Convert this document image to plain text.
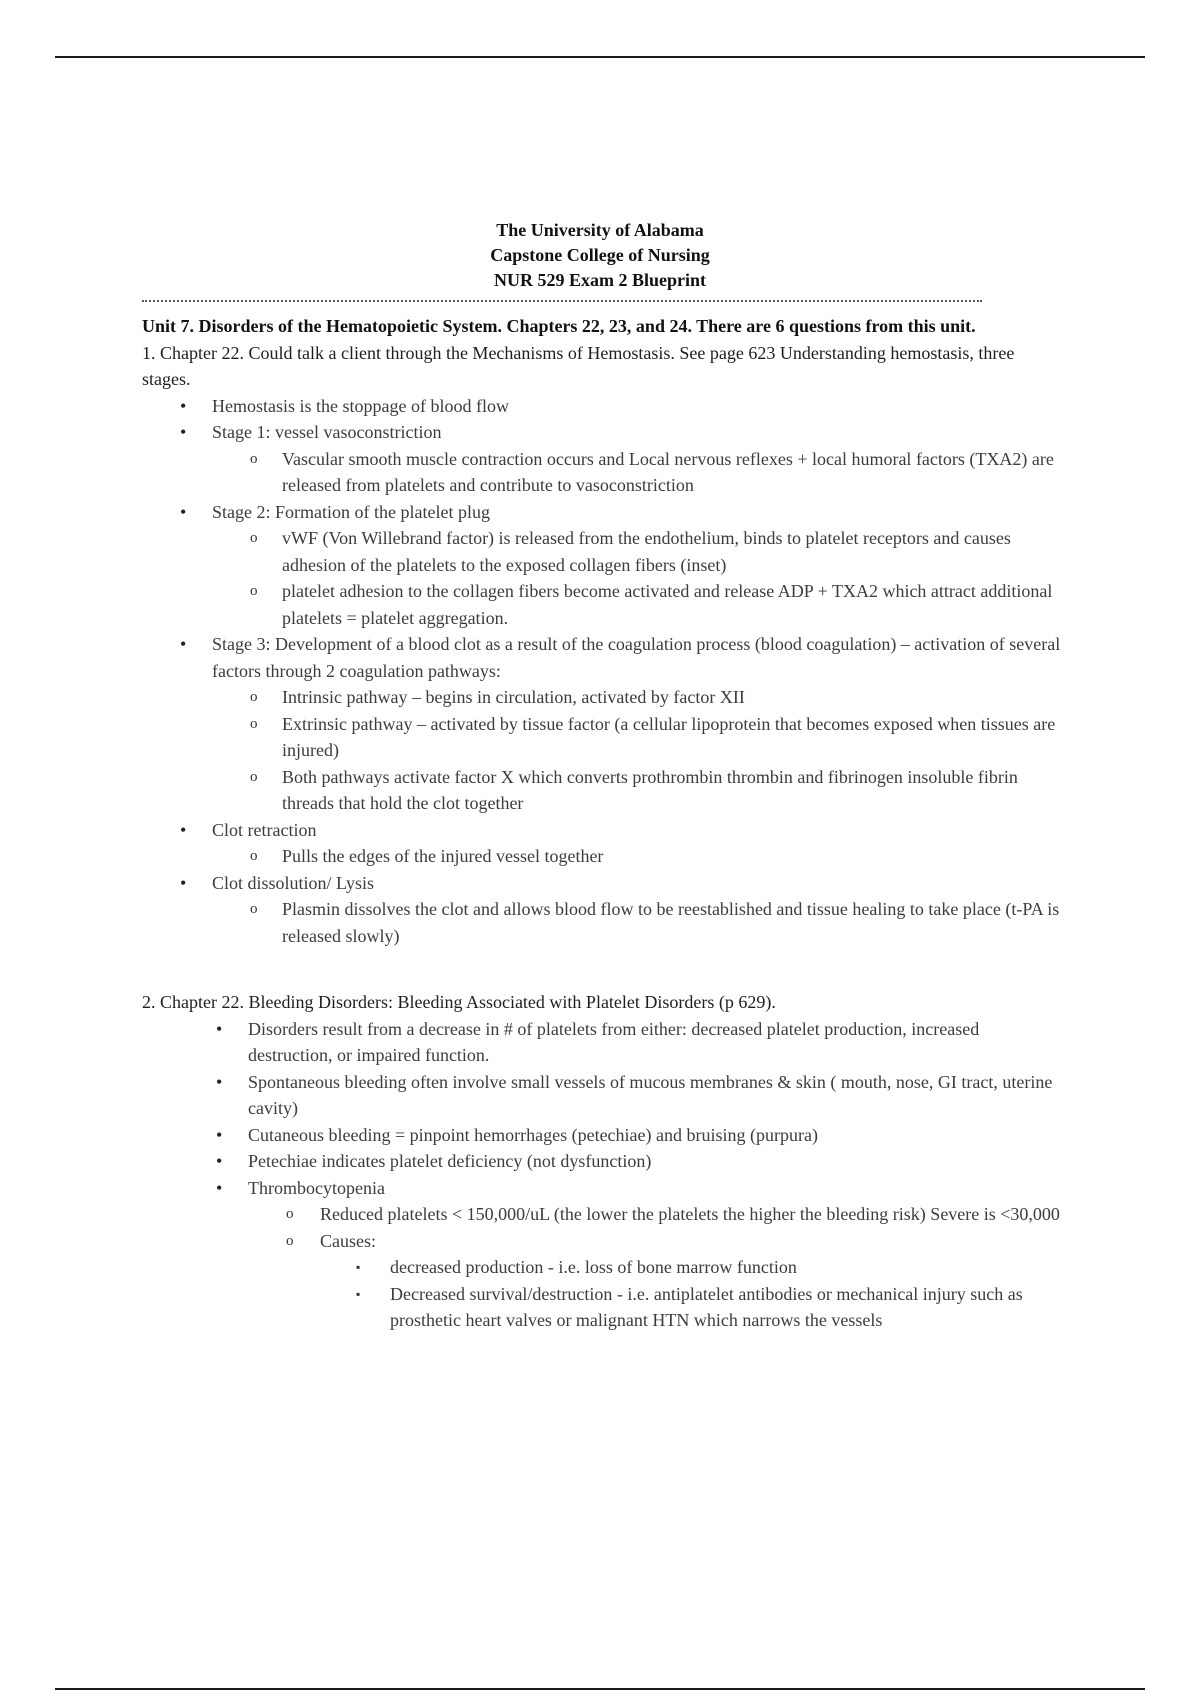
The University of Alabama
Capstone College of Nursing
NUR 529 Exam 2 Blueprint
Unit 7. Disorders of the Hematopoietic System. Chapters 22, 23, and 24. There are 6 questions from this unit.
1. Chapter 22. Could talk a client through the Mechanisms of Hemostasis. See page 623 Understanding hemostasis, three stages.
• Hemostasis is the stoppage of blood flow
• Stage 1: vessel vasoconstriction
o Vascular smooth muscle contraction occurs and Local nervous reflexes + local humoral factors (TXA2) are released from platelets and contribute to vasoconstriction
• Stage 2: Formation of the platelet plug
o vWF (Von Willebrand factor) is released from the endothelium, binds to platelet receptors and causes adhesion of the platelets to the exposed collagen fibers (inset)
o platelet adhesion to the collagen fibers become activated and release ADP + TXA2 which attract additional platelets = platelet aggregation.
• Stage 3: Development of a blood clot as a result of the coagulation process (blood coagulation) – activation of several factors through 2 coagulation pathways:
o Intrinsic pathway – begins in circulation, activated by factor XII
o Extrinsic pathway – activated by tissue factor (a cellular lipoprotein that becomes exposed when tissues are injured)
o Both pathways activate factor X which converts prothrombin thrombin and fibrinogen insoluble fibrin threads that hold the clot together
• Clot retraction
o Pulls the edges of the injured vessel together
• Clot dissolution/ Lysis
o Plasmin dissolves the clot and allows blood flow to be reestablished and tissue healing to take place (t-PA is released slowly)
2. Chapter 22. Bleeding Disorders: Bleeding Associated with Platelet Disorders (p 629).
• Disorders result from a decrease in # of platelets from either: decreased platelet production, increased destruction, or impaired function.
• Spontaneous bleeding often involve small vessels of mucous membranes & skin ( mouth, nose, GI tract, uterine cavity)
• Cutaneous bleeding = pinpoint hemorrhages (petechiae) and bruising (purpura)
• Petechiae indicates platelet deficiency (not dysfunction)
• Thrombocytopenia
o Reduced platelets < 150,000/uL (the lower the platelets the higher the bleeding risk) Severe is <30,000
o Causes:
▪ decreased production - i.e. loss of bone marrow function
▪ Decreased survival/destruction - i.e. antiplatelet antibodies or mechanical injury such as prosthetic heart valves or malignant HTN which narrows the vessels
